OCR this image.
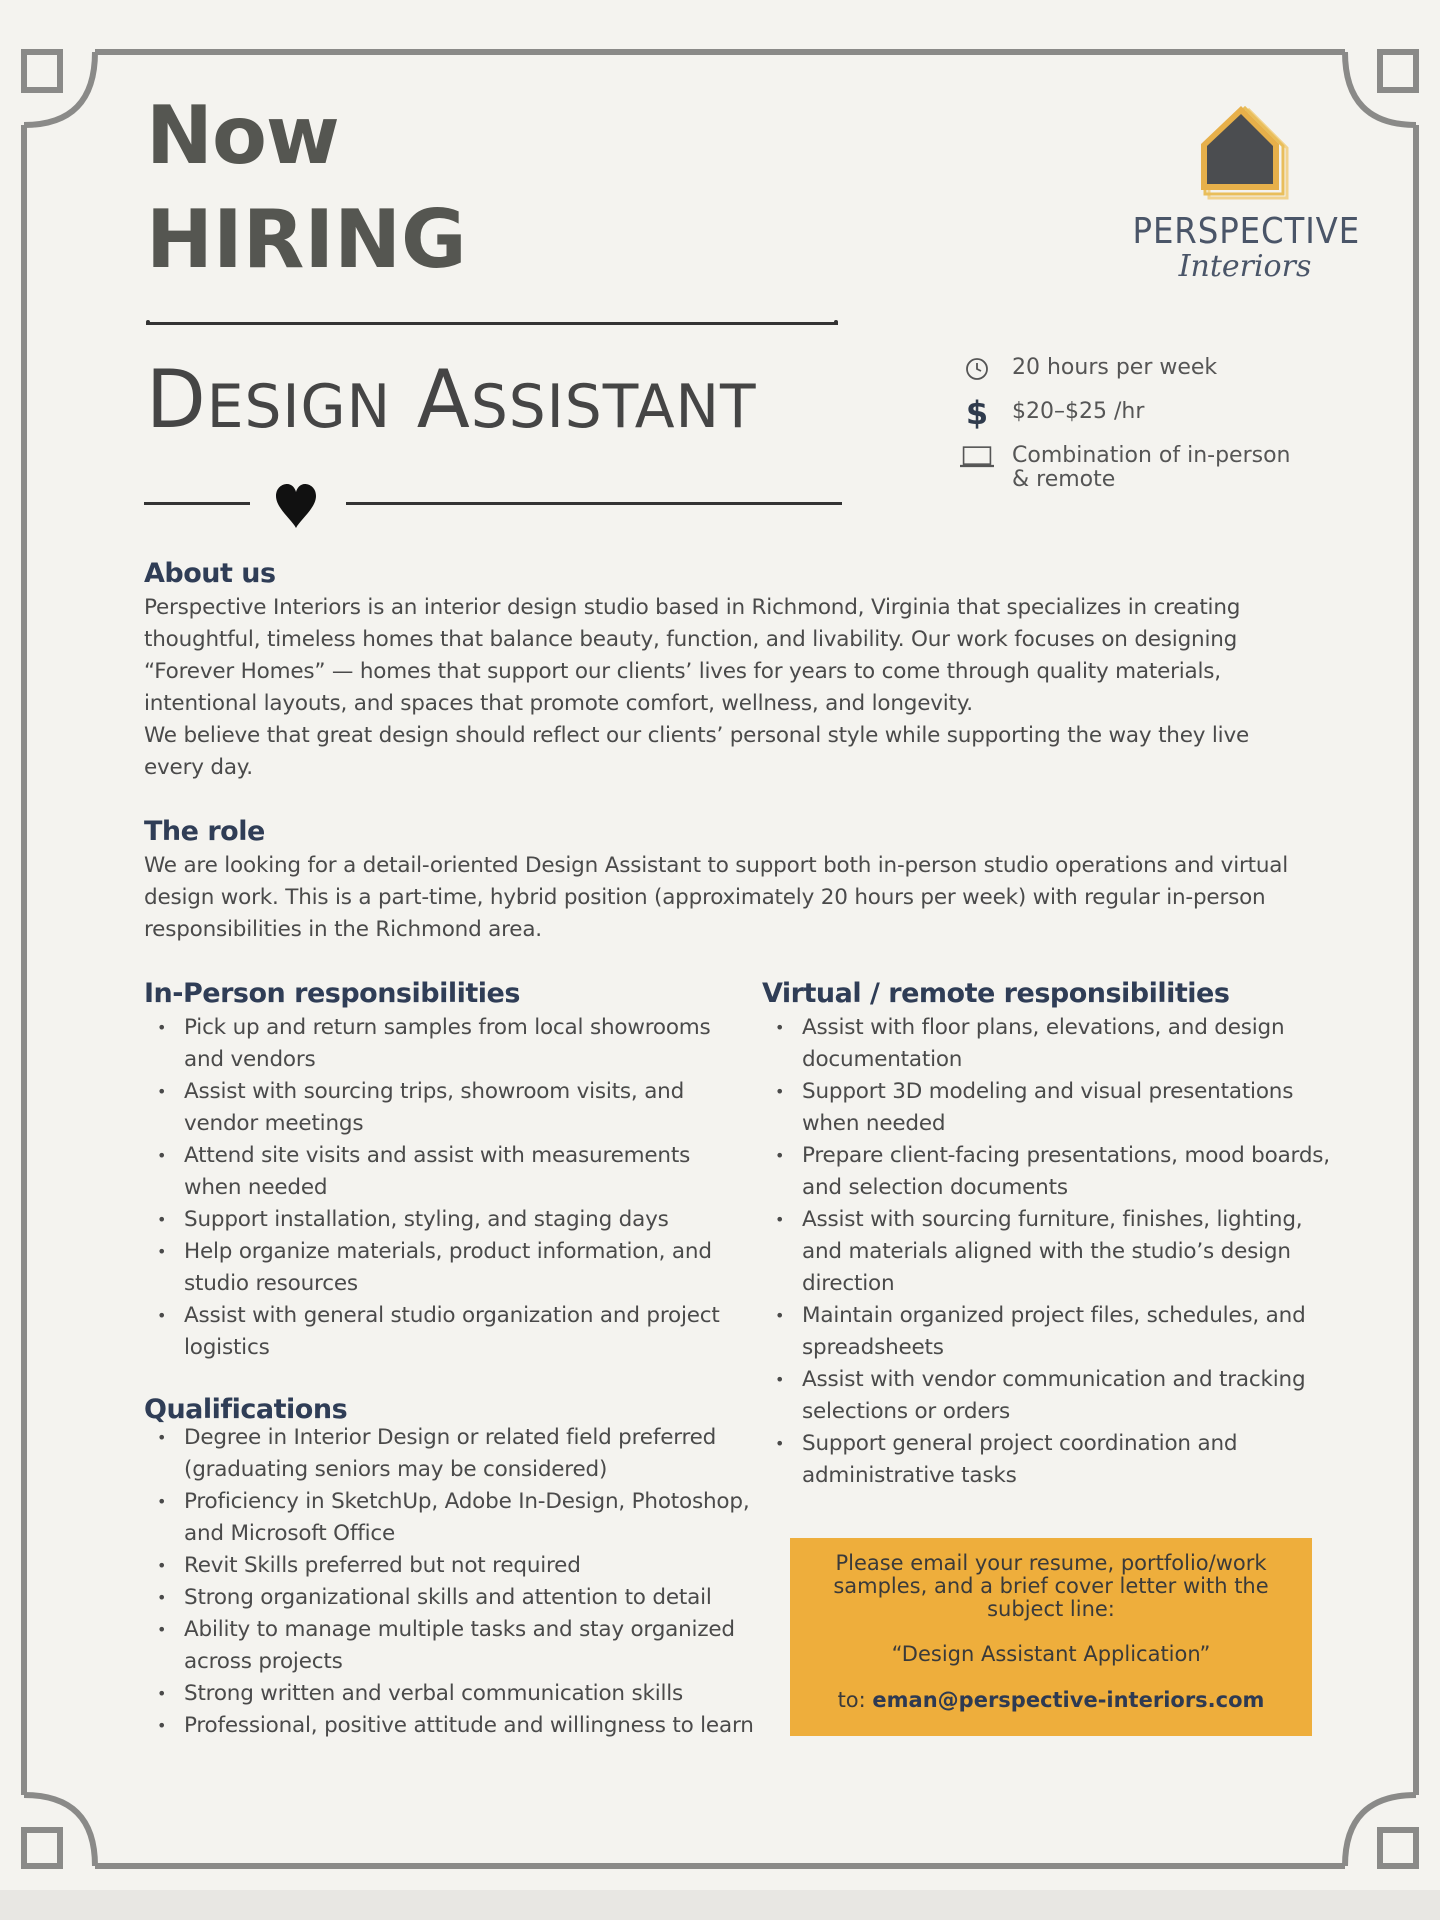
Now
HIRING	PERSPECTIVE
Interiors
DESIGN ASSISTANT
20 hours per week
$ $20–$25 /hr
Combination of in-person & remote
About us

Perspective Interiors is an interior design studio based in Richmond, Virginia that specializes in creating thoughtful, timeless homes that balance beauty, function, and livability. Our work focuses on designing “Forever Homes” — homes that support our clients’ lives for years to come through quality materials, intentional layouts, and spaces that promote comfort, wellness, and longevity.

We believe that great design should reflect our clients’ personal style while supporting the way they live every day.

The role

We are looking for a detail-oriented Design Assistant to support both in-person studio operations and virtual design work. This is a part-time, hybrid position (approximately 20 hours per week) with regular in-person responsibilities in the Richmond area.

In-Person responsibilities
• Pick up and return samples from local showrooms and vendors
• Assist with sourcing trips, showroom visits, and vendor meetings
• Attend site visits and assist with measurements when needed
• Support installation, styling, and staging days
• Help organize materials, product information, and studio resources
• Assist with general studio organization and project logistics
Qualifications
• Degree in Interior Design or related field preferred (graduating seniors may be considered)
• Proficiency in SketchUp, Adobe In-Design, Photoshop, and Microsoft Office
• Revit Skills preferred but not required
• Strong organizational skills and attention to detail
• Ability to manage multiple tasks and stay organized across projects
• Strong written and verbal communication skills
• Professional, positive attitude and willingness to learn
Virtual / remote responsibilities
• Assist with floor plans, elevations, and design documentation
• Support 3D modeling and visual presentations when needed
• Prepare client-facing presentations, mood boards, and selection documents
• Assist with sourcing furniture, finishes, lighting, and materials aligned with the studio’s design direction
• Maintain organized project files, schedules, and spreadsheets
• Assist with vendor communication and tracking selections or orders
• Support general project coordination and administrative tasks
Please email your resume, portfolio/work samples, and a brief cover letter with the subject line:
“Design Assistant Application”
to: eman@perspective-interiors.com
